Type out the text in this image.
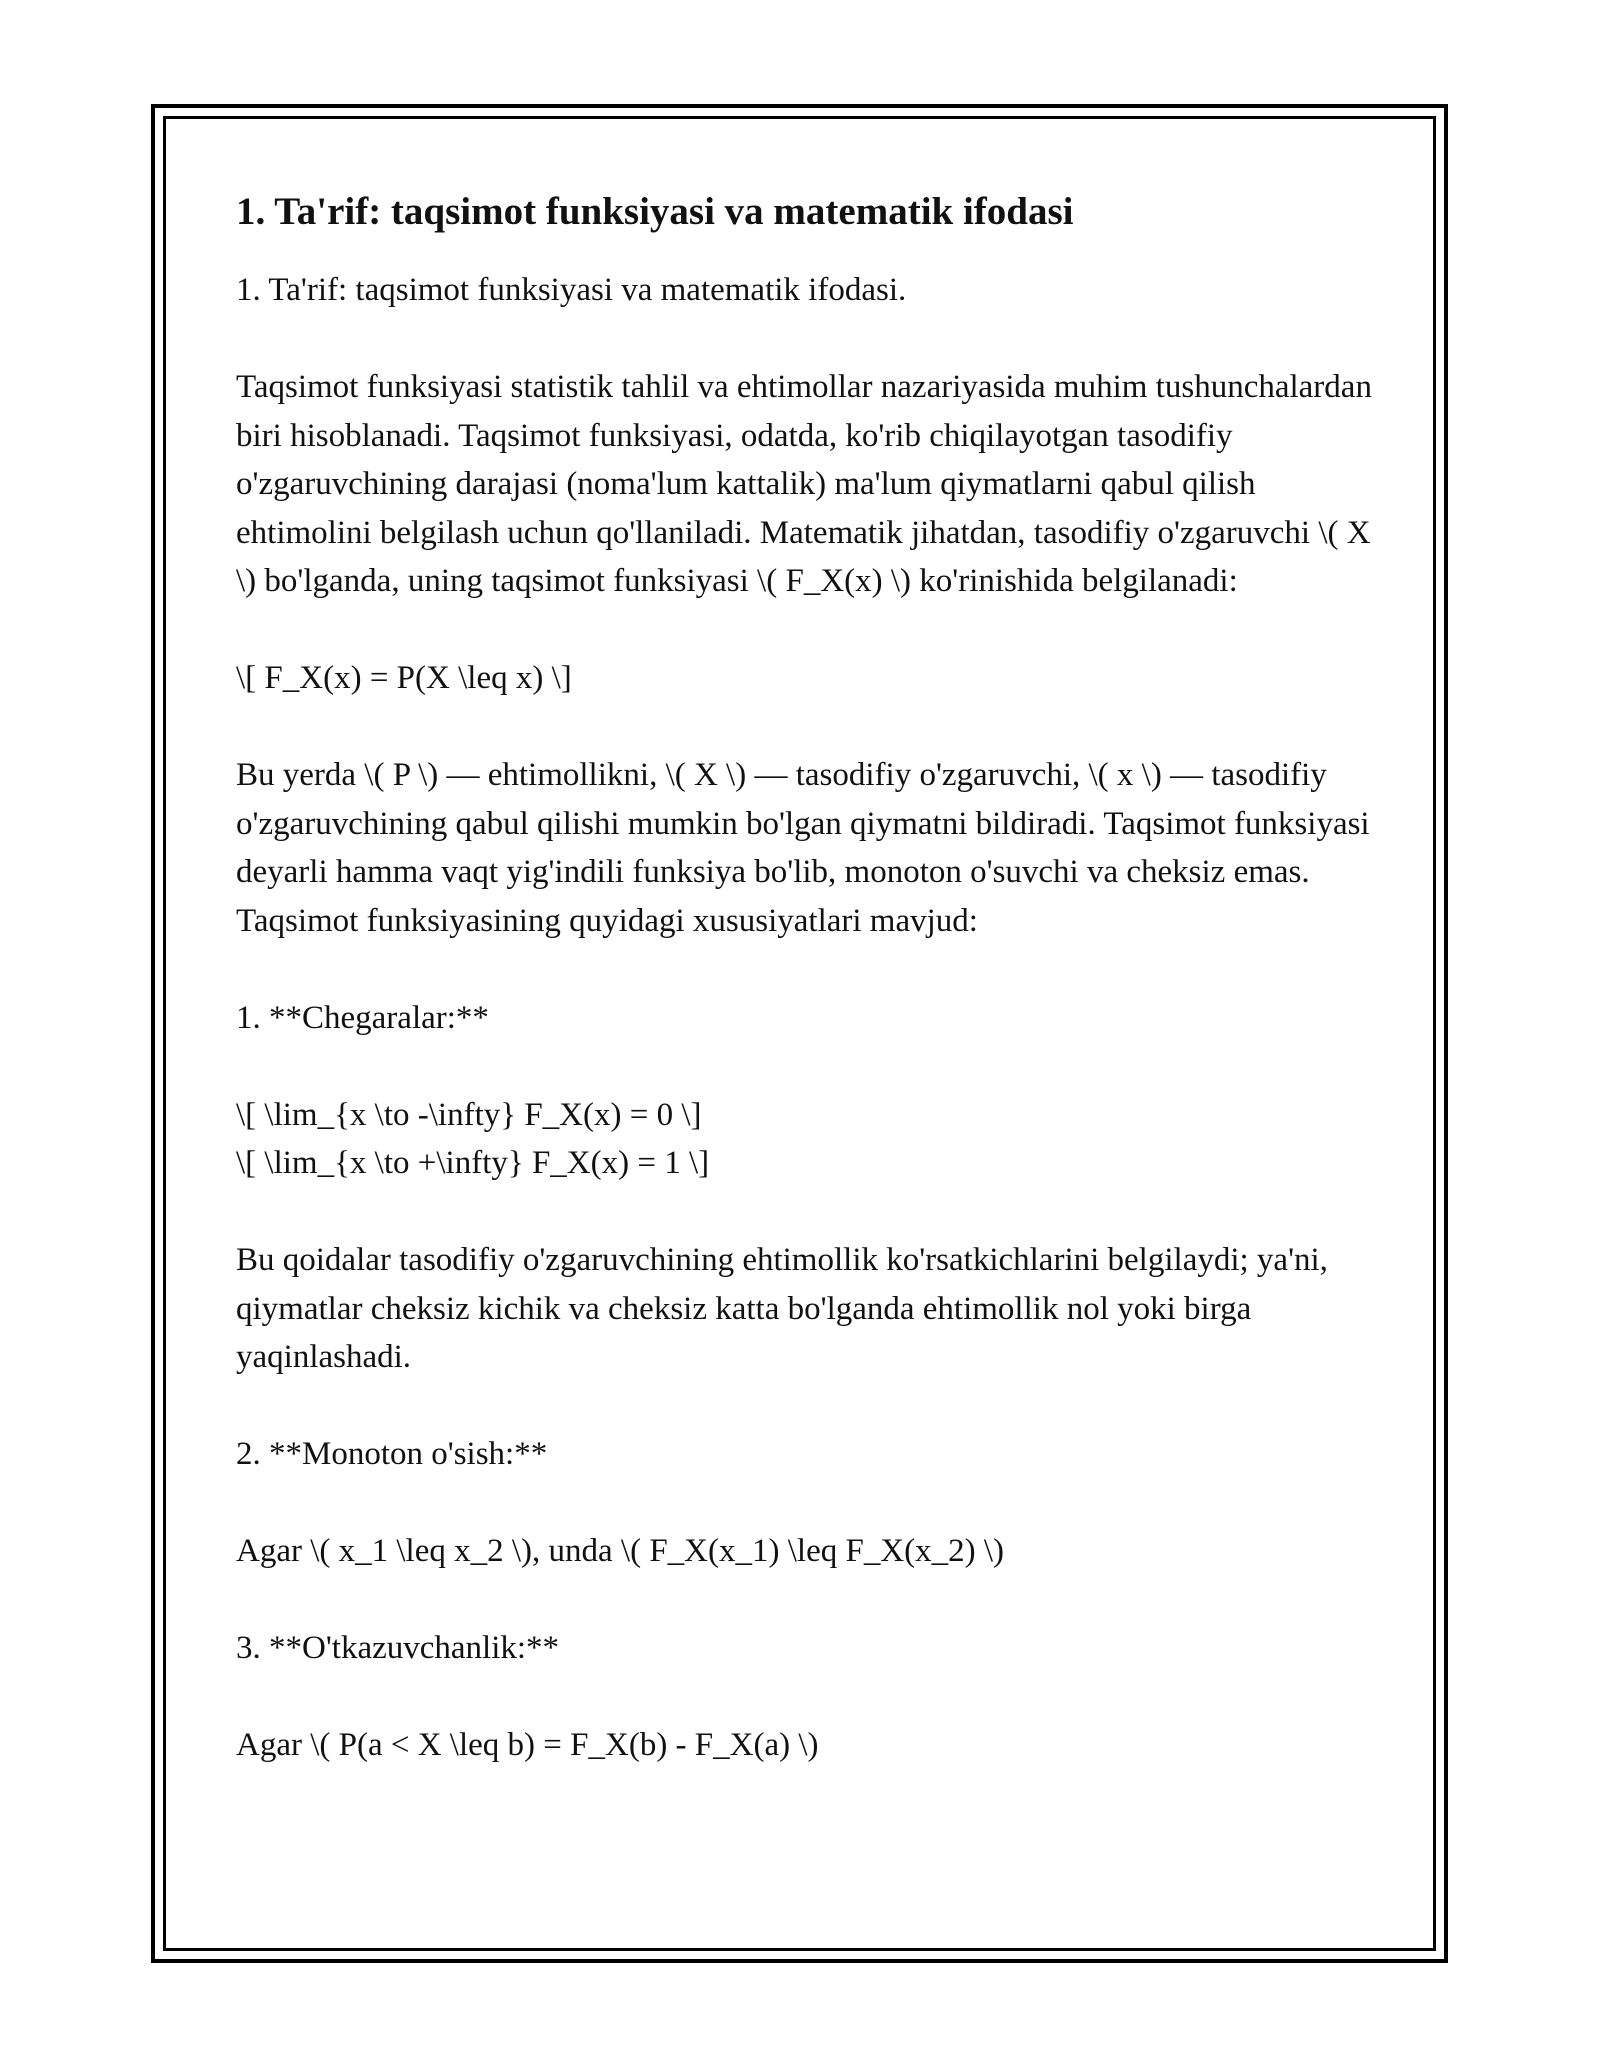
1. Ta'rif: taqsimot funksiyasi va matematik ifodasi

1. Ta'rif: taqsimot funksiyasi va matematik ifodasi.

Taqsimot funksiyasi statistik tahlil va ehtimollar nazariyasida muhim tushunchalardan biri hisoblanadi. Taqsimot funksiyasi, odatda, ko'rib chiqilayotgan tasodifiy o'zgaruvchining darajasi (noma'lum kattalik) ma'lum qiymatlarni qabul qilish ehtimolini belgilash uchun qo'llaniladi. Matematik jihatdan, tasodifiy o'zgaruvchi \( X \) bo'lganda, uning taqsimot funksiyasi \( F_X(x) \) ko'rinishida belgilanadi:

\[ F_X(x) = P(X \leq x) \]

Bu yerda \( P \) — ehtimollikni, \( X \) — tasodifiy o'zgaruvchi, \( x \) — tasodifiy o'zgaruvchining qabul qilishi mumkin bo'lgan qiymatni bildiradi. Taqsimot funksiyasi deyarli hamma vaqt yig'indili funksiya bo'lib, monoton o'suvchi va cheksiz emas. Taqsimot funksiyasining quyidagi xususiyatlari mavjud:

1. **Chegaralar:**

\[ \lim_{x \to -\infty} F_X(x) = 0 \]

\[ \lim_{x \to +\infty} F_X(x) = 1 \]

Bu qoidalar tasodifiy o'zgaruvchining ehtimollik ko'rsatkichlarini belgilaydi; ya'ni, qiymatlar cheksiz kichik va cheksiz katta bo'lganda ehtimollik nol yoki birga yaqinlashadi.

2. **Monoton o'sish:**

Agar \( x_1 \leq x_2 \), unda \( F_X(x_1) \leq F_X(x_2) \)

3. **O'tkazuvchanlik:**

Agar \( P(a < X \leq b) = F_X(b) - F_X(a) \)
